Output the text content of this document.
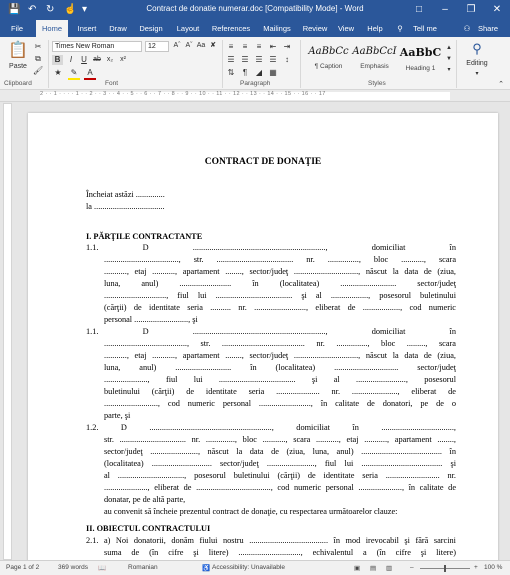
💾 ↶ ↻ ☝ ▾	Contract de donatie numerar.doc [Compatibility Mode] - Word	□	–	❐	✕
File	Home	Insert	Draw	Design	Layout	References	Mailings	Review	View	Help	⚲	Tell me	⚇	Share
📋
Paste
✂
⧉
🖌
Clipboard
Times New Roman	12	Aˆ Aˇ Aa ✘
B	I	U ab x₂ x²
★	✎	A
Font
≡	≡	≡	⇤ ⇥
☰ ☰ ☰ ☰	↕
⇅	¶	◢ ▦
Paragraph
AaBbCc
¶ Caption
AaBbCcI
Emphasis
AaBbC
Heading 1
▲
▼
▾
Styles
⚲
Editing
▾
⌃
2 · · 1 · · · · 1 · · 2 · · 3 · · 4 · · 5 · · 6 · · 7 · · 8 · · 9 · · 10 · · 11 · · 12 · · 13 · · 14 · · 15 · · 16 · · 17
CONTRACT DE DONAŢIE
Încheiat astăzi ..............
la ..................................
I. PĂRŢILE CONTRACTANTE
1.1. D ................................................................, domiciliat în
...................................., str. ..................................... nr. ..............., bloc ..........., scara
..........., etaj ..........., apartament ........, sector/judeţ ..............................., născut la data de (ziua,
luna, anul) ......................... în (localitatea) ........................... sector/judeţ
.............................., fiul lui ..................................... şi al .................., posesorul buletinului
(cărţii) de identitate seria .......... nr. ........................., eliberat de .................., cod numeric
personal .........................., şi
1.1. D ................................................................, domiciliat în
........................................, str. ........................................ nr. ..............., bloc ........., scara
..........., etaj ..........., apartament ........, sector/judeţ ..............................., născut la data de (ziua,
luna, anul) ........................... în (localitatea) ............................... sector/judeţ
....................., fiul lui ..................................... şi al ........................, posesorul
buletinului (cărţii) de identitate seria ..................... nr. ......................, eliberat de
.........................., cod numeric personal ........................., în calitate de donatori, pe de o
parte, şi
1.2. D ..........................................................., domiciliat în ...................................,
str. ................................ nr. .............., bloc ..........., scara ..........., etaj ..........., apartament ........,
sector/judeţ ......................., născut la data de (ziua, luna, anul) ....................................... în
(localitatea) ............................. sector/judeţ ......................., fiul lui ....................................... şi
al ................................, posesorul buletinului (cărţii) de identitate seria .......................... nr.
....................., eliberat de ...................................., cod numeric personal ....................., în calitate de
donatar, pe de altă parte,
au convenit să încheie prezentul contract de donaţie, cu respectarea următoarelor clauze:
II. OBIECTUL CONTRACTULUI
2.1. a) Noi donatorii, donăm fiului nostru ...................................... în mod irevocabil şi fără sarcini
suma de (în cifre şi litere) .............................., echivalentul a (în cifre şi litere)
Page 1 of 2	369 words 📖	Romanian	♿ Accessibility: Unavailable	▣ ▤ ▥	–	+ 100 %
